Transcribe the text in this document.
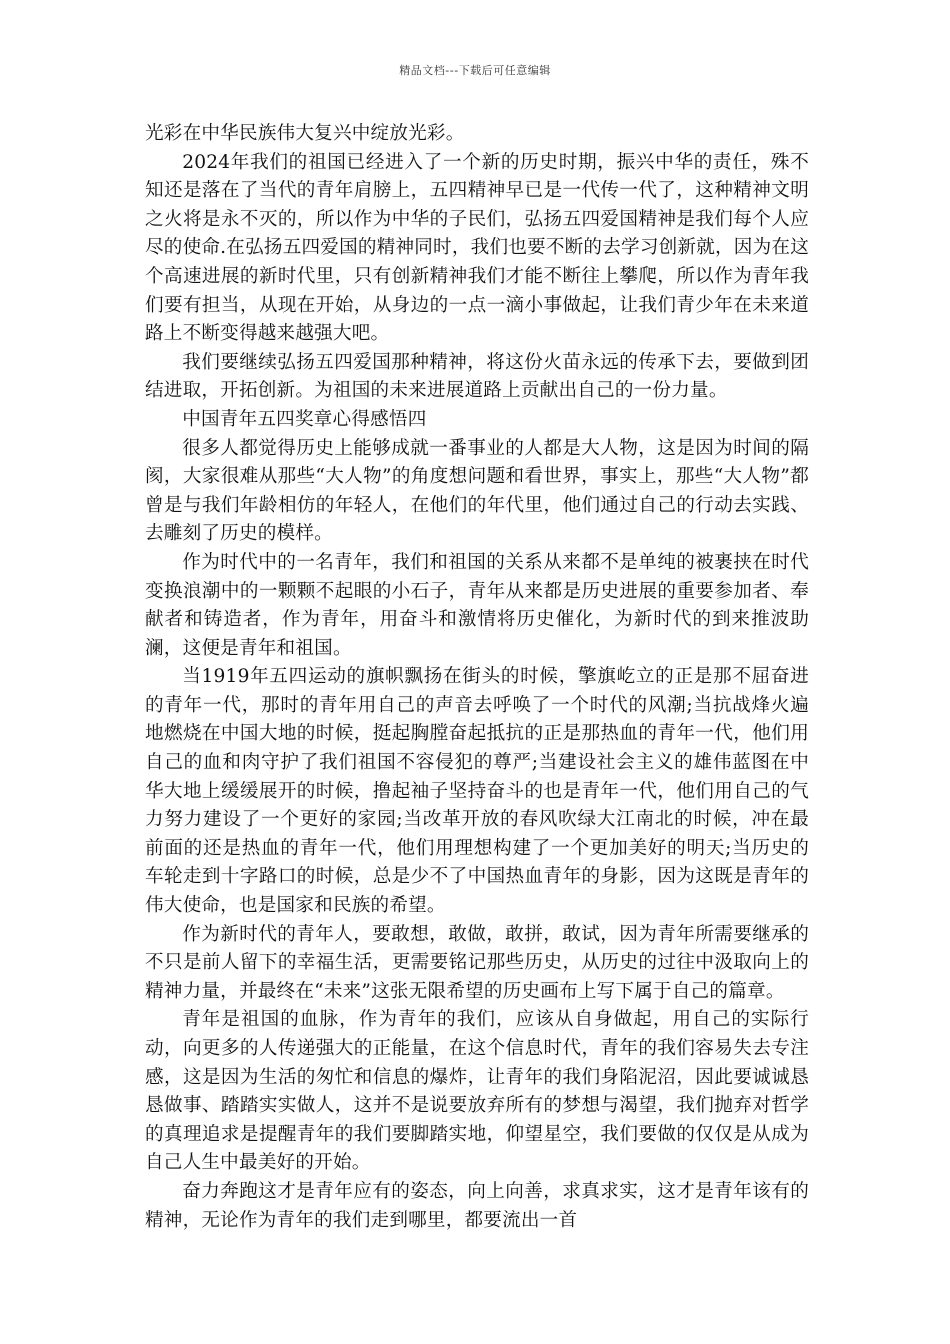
精品文档---下载后可任意编辑

光彩在中华民族伟大复兴中绽放光彩。

2024年我们的祖国已经进入了一个新的历史时期，振兴中华的责任，殊不知还是落在了当代的青年肩膀上，五四精神早已是一代传一代了，这种精神文明之火将是永不灭的，所以作为中华的子民们，弘扬五四爱国精神是我们每个人应尽的使命.在弘扬五四爱国的精神同时，我们也要不断的去学习创新就，因为在这个高速进展的新时代里，只有创新精神我们才能不断往上攀爬，所以作为青年我们要有担当，从现在开始，从身边的一点一滴小事做起，让我们青少年在未来道路上不断变得越来越强大吧。

我们要继续弘扬五四爱国那种精神，将这份火苗永远的传承下去，要做到团结进取，开拓创新。为祖国的未来进展道路上贡献出自己的一份力量。

中国青年五四奖章心得感悟四

很多人都觉得历史上能够成就一番事业的人都是大人物，这是因为时间的隔阂，大家很难从那些“大人物”的角度想问题和看世界，事实上，那些“大人物”都曾是与我们年龄相仿的年轻人，在他们的年代里，他们通过自己的行动去实践、去雕刻了历史的模样。

作为时代中的一名青年，我们和祖国的关系从来都不是单纯的被裹挟在时代变换浪潮中的一颗颗不起眼的小石子，青年从来都是历史进展的重要参加者、奉献者和铸造者，作为青年，用奋斗和激情将历史催化，为新时代的到来推波助澜，这便是青年和祖国。

当1919年五四运动的旗帜飘扬在街头的时候，擎旗屹立的正是那不屈奋进的青年一代，那时的青年用自己的声音去呼唤了一个时代的风潮;当抗战烽火遍地燃烧在中国大地的时候，挺起胸膛奋起抵抗的正是那热血的青年一代，他们用自己的血和肉守护了我们祖国不容侵犯的尊严;当建设社会主义的雄伟蓝图在中华大地上缓缓展开的时候，撸起袖子坚持奋斗的也是青年一代，他们用自己的气力努力建设了一个更好的家园;当改革开放的春风吹绿大江南北的时候，冲在最前面的还是热血的青年一代，他们用理想构建了一个更加美好的明天;当历史的车轮走到十字路口的时候，总是少不了中国热血青年的身影，因为这既是青年的伟大使命，也是国家和民族的希望。

作为新时代的青年人，要敢想，敢做，敢拼，敢试，因为青年所需要继承的不只是前人留下的幸福生活，更需要铭记那些历史，从历史的过往中汲取向上的精神力量，并最终在“未来”这张无限希望的历史画布上写下属于自己的篇章。

青年是祖国的血脉，作为青年的我们，应该从自身做起，用自己的实际行动，向更多的人传递强大的正能量，在这个信息时代，青年的我们容易失去专注感，这是因为生活的匆忙和信息的爆炸，让青年的我们身陷泥沼，因此要诚诚恳恳做事、踏踏实实做人，这并不是说要放弃所有的梦想与渴望，我们抛弃对哲学的真理追求是提醒青年的我们要脚踏实地，仰望星空，我们要做的仅仅是从成为自己人生中最美好的开始。

奋力奔跑这才是青年应有的姿态，向上向善，求真求实，这才是青年该有的精神，无论作为青年的我们走到哪里，都要流出一首
